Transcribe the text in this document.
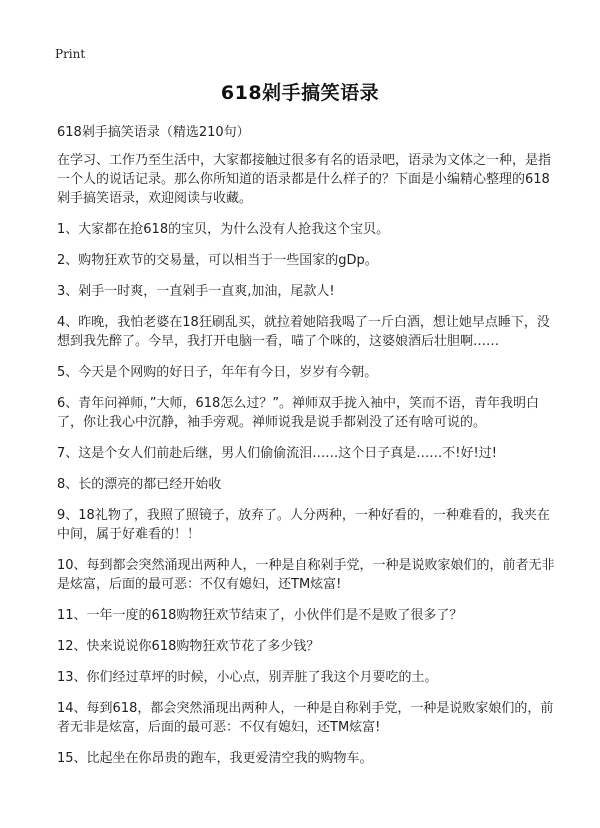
Print
618剁手搞笑语录
618剁手搞笑语录（精选210句）

在学习、工作乃至生活中，大家都接触过很多有名的语录吧，语录为文体之一种，是指一个人的说话记录。那么你所知道的语录都是什么样子的？下面是小编精心整理的618剁手搞笑语录，欢迎阅读与收藏。

1、大家都在抢618的宝贝，为什么没有人抢我这个宝贝。

2、购物狂欢节的交易量，可以相当于一些国家的gDp。

3、剁手一时爽，一直剁手一直爽,加油，尾款人!

4、昨晚，我怕老婆在18狂刷乱买，就拉着她陪我喝了一斤白酒，想让她早点睡下，没想到我先醉了。今早，我打开电脑一看，喵了个咪的，这婆娘酒后壮胆啊……

5、今天是个网购的好日子，年年有今日，岁岁有今朝。

6、青年问禅师，”大师，618怎么过？”。禅师双手拢入袖中，笑而不语，青年我明白了，你让我心中沉静，袖手旁观。禅师说我是说手都剁没了还有啥可说的。

7、这是个女人们前赴后继，男人们偷偷流泪……这个日子真是……不!好!过!

8、长的漂亮的都已经开始收

9、18礼物了，我照了照镜子，放弃了。人分两种，一种好看的，一种难看的，我夹在中间，属于好难看的！！

10、每到都会突然涌现出两种人，一种是自称剁手党，一种是说败家娘们的，前者无非是炫富，后面的最可恶：不仅有媳妇，还TM炫富!

11、一年一度的618购物狂欢节结束了，小伙伴们是不是败了很多了？

12、快来说说你618购物狂欢节花了多少钱？

13、你们经过草坪的时候，小心点，别弄脏了我这个月要吃的土。

14、每到618，都会突然涌现出两种人，一种是自称剁手党，一种是说败家娘们的，前者无非是炫富，后面的最可恶：不仅有媳妇，还TM炫富!

15、比起坐在你昂贵的跑车，我更爱清空我的购物车。
